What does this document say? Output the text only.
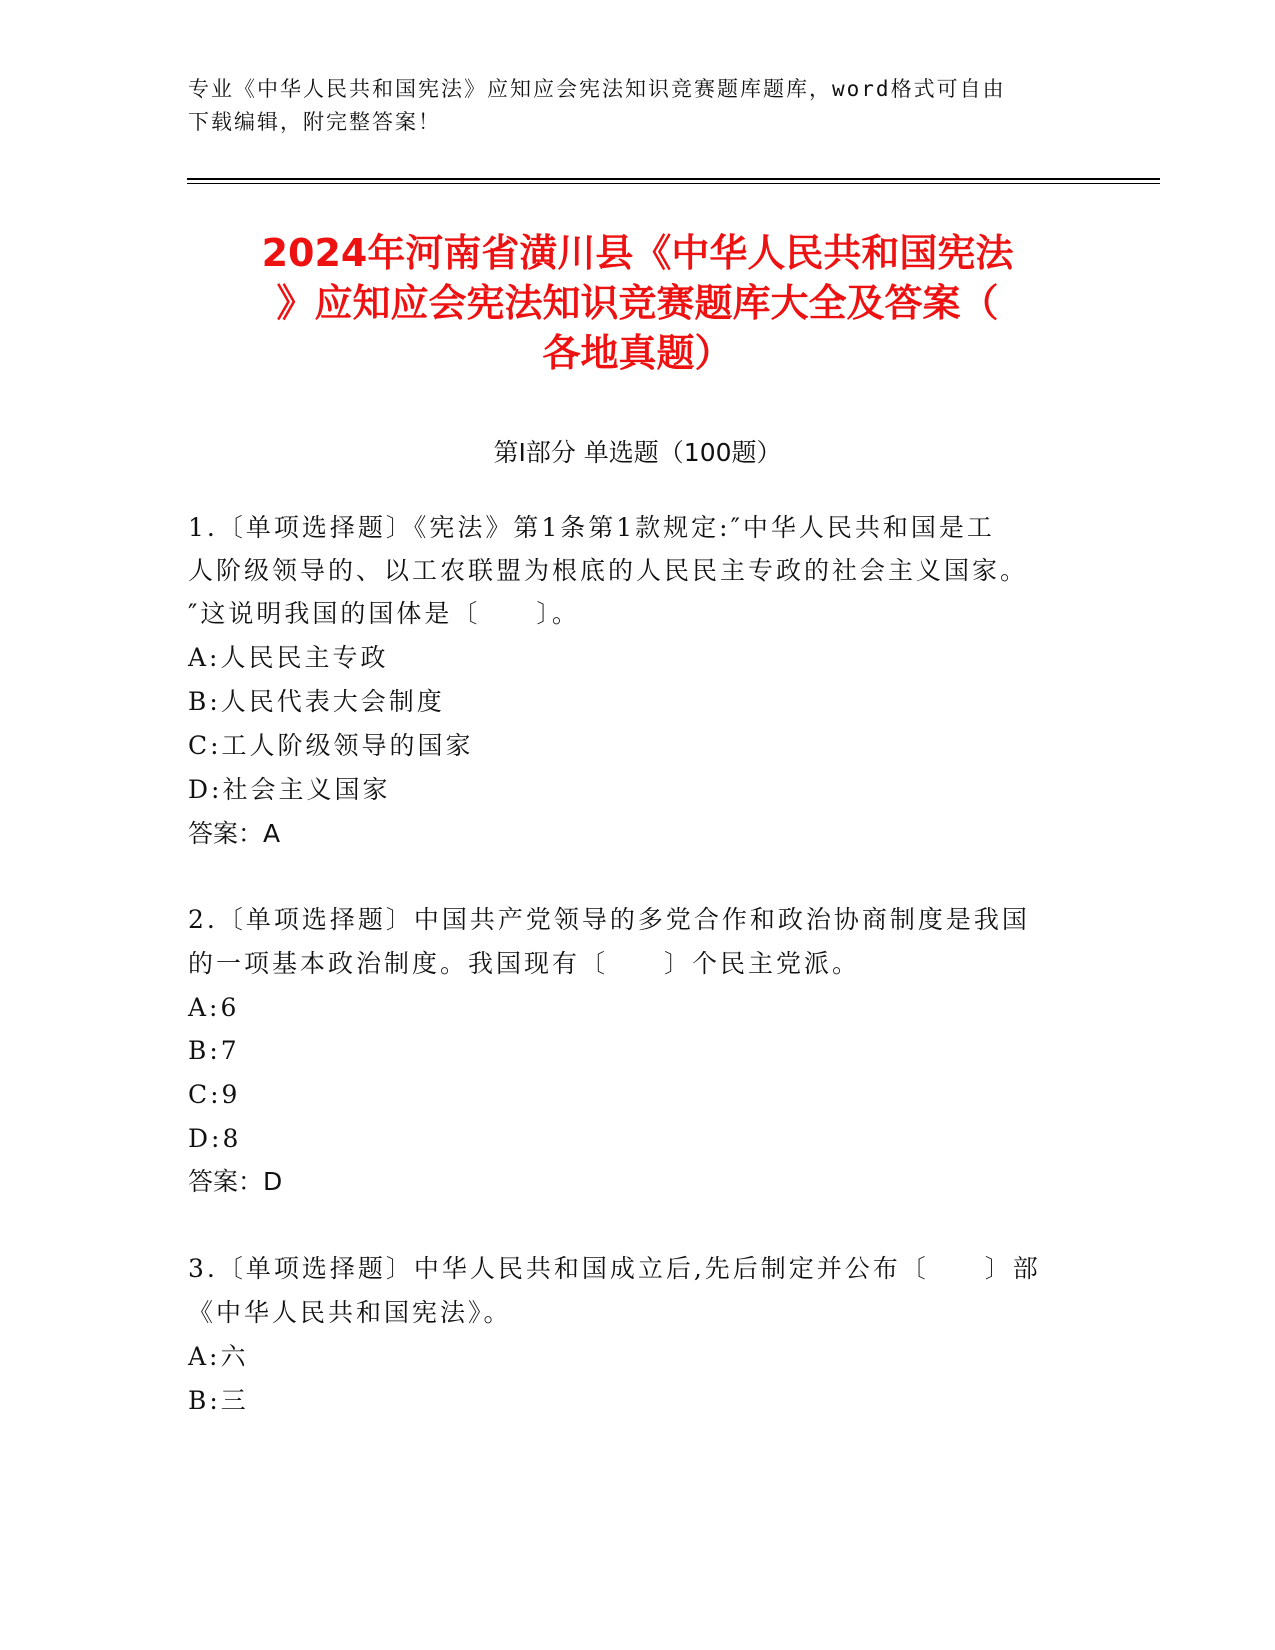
专业《中华人民共和国宪法》应知应会宪法知识竞赛题库题库，word格式可自由
下载编辑，附完整答案！
2024年河南省潢川县《中华人民共和国宪法
》应知应会宪法知识竞赛题库大全及答案（
各地真题）
第Ⅰ部分 单选题（100题）
1.〔单项选择题〕《宪法》第1条第1款规定:″中华人民共和国是工
人阶级领导的、以工农联盟为根底的人民民主专政的社会主义国家。
″这说明我国的国体是〔　　〕。
A:人民民主专政
B:人民代表大会制度
C:工人阶级领导的国家
D:社会主义国家
答案：A
2.〔单项选择题〕中国共产党领导的多党合作和政治协商制度是我国
的一项基本政治制度。我国现有〔　　〕个民主党派。
A:6
B:7
C:9
D:8
答案：D
3.〔单项选择题〕中华人民共和国成立后,先后制定并公布〔　　〕部
《中华人民共和国宪法》。
A:六
B:三
